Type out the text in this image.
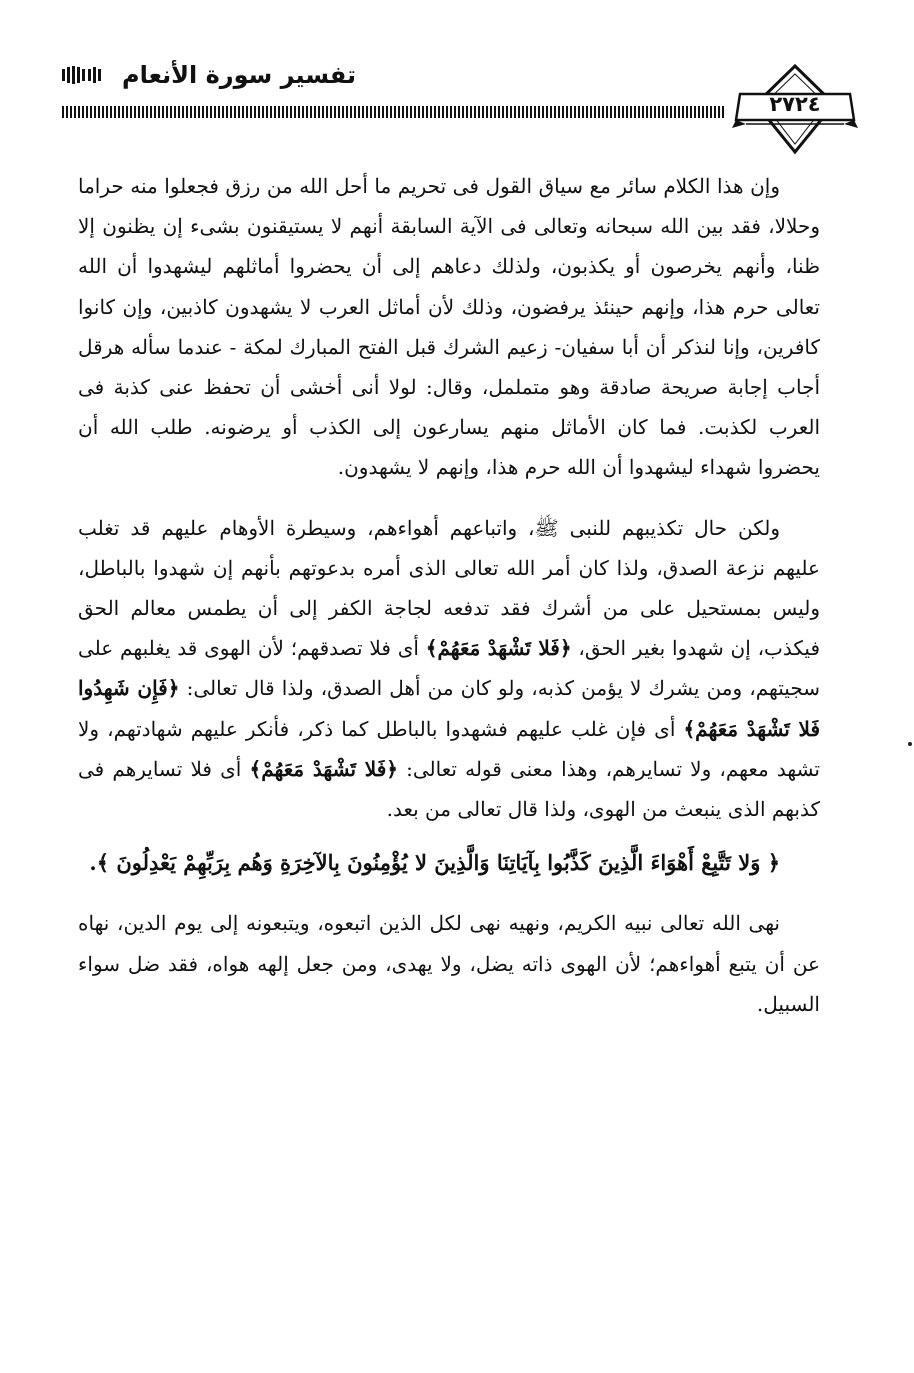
تفسير سورة الأنعام
٢٧٢٤

وإن هذا الكلام سائر مع سياق القول فى تحريم ما أحل الله من رزق فجعلوا منه حراما وحلالا، فقد بين الله سبحانه وتعالى فى الآية السابقة أنهم لا يستيقنون بشىء إن يظنون إلا ظنا، وأنهم يخرصون أو يكذبون، ولذلك دعاهم إلى أن يحضروا أماثلهم ليشهدوا أن الله تعالى حرم هذا، وإنهم حينئذ يرفضون، وذلك لأن أماثل العرب لا يشهدون كاذبين، وإن كانوا كافرين، وإنا لنذكر أن أبا سفيان- زعيم الشرك قبل الفتح المبارك لمكة - عندما سأله هرقل أجاب إجابة صريحة صادقة وهو متململ، وقال: لولا أنى أخشى أن تحفظ عنى كذبة فى العرب لكذبت. فما كان الأماثل منهم يسارعون إلى الكذب أو يرضونه. طلب الله أن يحضروا شهداء ليشهدوا أن الله حرم هذا، وإنهم لا يشهدون.

ولكن حال تكذيبهم للنبى ﷺ، واتباعهم أهواءهم، وسيطرة الأوهام عليهم قد تغلب عليهم نزعة الصدق، ولذا كان أمر الله تعالى الذى أمره بدعوتهم بأنهم إن شهدوا بالباطل، وليس بمستحيل على من أشرك فقد تدفعه لجاجة الكفر إلى أن يطمس معالم الحق فيكذب، إن شهدوا بغير الحق، ﴿فَلا تَشْهَدْ مَعَهُمْ﴾ أى فلا تصدقهم؛ لأن الهوى قد يغلبهم على سجيتهم، ومن يشرك لا يؤمن كذبه، ولو كان من أهل الصدق، ولذا قال تعالى: ﴿فَإِن شَهِدُوا فَلا تَشْهَدْ مَعَهُمْ﴾ أى فإن غلب عليهم فشهدوا بالباطل كما ذكر، فأنكر عليهم شهادتهم، ولا تشهد معهم، ولا تسايرهم، وهذا معنى قوله تعالى: ﴿فَلا تَشْهَدْ مَعَهُمْ﴾ أى فلا تسايرهم فى كذبهم الذى ينبعث من الهوى، ولذا قال تعالى من بعد.

﴿ وَلا تَتَّبِعْ أَهْوَاءَ الَّذِينَ كَذَّبُوا بِآيَاتِنَا وَالَّذِينَ لا يُؤْمِنُونَ بِالآخِرَةِ وَهُم بِرَبِّهِمْ يَعْدِلُونَ ﴾.

نهى الله تعالى نبيه الكريم، ونهيه نهى لكل الذين اتبعوه، ويتبعونه إلى يوم الدين، نهاه عن أن يتبع أهواءهم؛ لأن الهوى ذاته يضل، ولا يهدى، ومن جعل إلهه هواه، فقد ضل سواء السبيل.
